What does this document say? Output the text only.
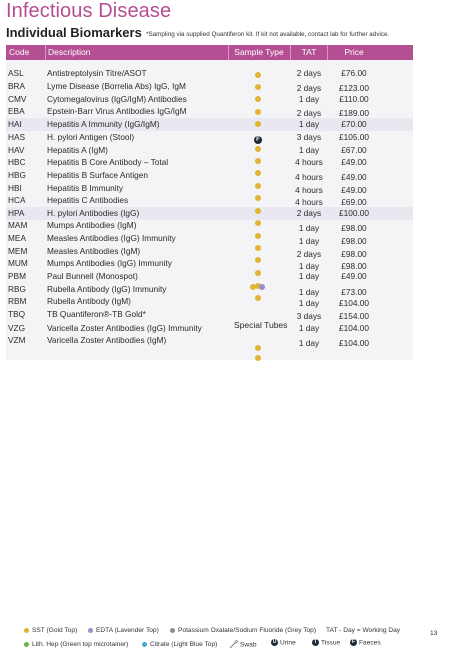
Infectious Disease
Individual Biomarkers *Sampling via supplied Quantiferon kit. If kit not available, contact lab for further advice.
Code Description	Sample Type	TAT	Price
ASL	Antistreptolysin Titre/ASOT	2 days	£76.00
BRA	Lyme Disease (Borrelia Abs) IgG, IgM	2 days	£123.00
CMV Cytomegalovirus (IgG/IgM) Antibodies	1 day	£110.00
EBA	Epstein-Barr Virus Antibodies IgG/IgM	2 days	£189.00
HAI	Hepatitis A Immunity (IgG/IgM)	1 day	£70.00
HAS	H. pylori Antigen (Stool)	3 days	£105.00
HAV	Hepatitis A (IgM)	1 day	£67.00
HBC	Hepatitis B Core Antibody – Total	4 hours	£49.00
HBG	Hepatitis B Surface Antigen	4 hours	£49.00
HBI	Hepatitis B Immunity	4 hours	£49.00
HCA	Hepatitis C Antibodies	4 hours	£69.00
HPA	H. pylori Antibodies (IgG)	2 days	£100.00
MAM Mumps Antibodies (IgM)	1 day	£98.00
MEA	Measles Antibodies (IgG) Immunity	1 day	£98.00
MEM Measles Antibodies (IgM)	2 days	£98.00
MUM Mumps Antibodies (IgG) Immunity	1 day	£98.00
PBM	Paul Bunnell (Monospot)	1 day	£49.00
RBG	Rubella Antibody (IgG) Immunity	1 day	£73.00
RBM Rubella Antibody (IgM)	1 day	£104.00
TBQ	TB Quantiferon®-TB Gold*	3 days	£154.00
VZG	Varicella Zoster Antibodies (IgG) Immunity	1 day	£104.00
VZM	Varicella Zoster Antibodies (IgM)	1 day	£104.00
F
Special Tubes
SST (Gold Top)	EDTA (Lavender Top)	Potassium Oxalate/Sodium Fluoride (Grey Top) TAT - Day = Working Day	13
Lith. Hep (Green top microtainer)	Citrate (Light Blue Top)	Swab	U Urine	T Tissue	F Faeces
